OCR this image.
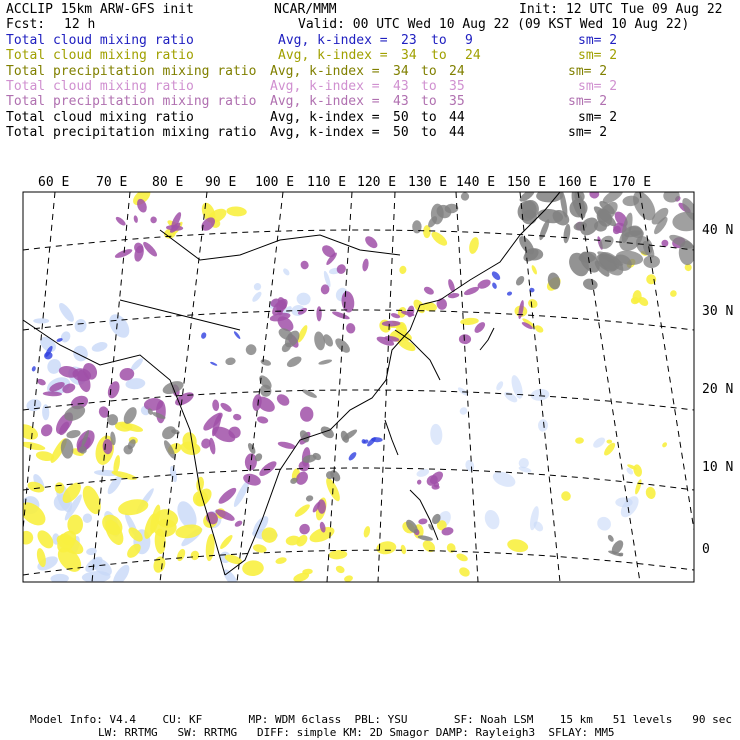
ACCLIP 15km ARW-GFS init	NCAR/MMM	Init: 12 UTC Tue 09 Aug 22
Fcst: 12 h	Valid: 00 UTC Wed 10 Aug 22 (09 KST Wed 10 Aug 22)
Total cloud mixing ratio	Avg, k-index = 23 to 9	sm= 2
Total cloud mixing ratio	Avg, k-index = 34 to 24	sm= 2
Total precipitation mixing ratio Avg, k-index = 34 to 24	sm= 2
Total cloud mixing ratio	Avg, k-index = 43 to 35	sm= 2
Total precipitation mixing ratio Avg, k-index = 43 to 35	sm= 2
Total cloud mixing ratio	Avg, k-index = 50 to 44	sm= 2
Total precipitation mixing ratio Avg, k-index = 50 to 44	sm= 2
60 E 70 E 80 E 90 E 100 E 110 E 120 E 130 E 140 E 150 E 160 E 170 E
40 N
30 N
20 N
10 N
0
Model Info: V4.4    CU: KF       MP: WDM 6class  PBL: YSU       SF: Noah LSM    15 km   51 levels   90 sec
LW: RRTMG   SW: RRTMG   DIFF: simple KM: 2D Smagor DAMP: Rayleigh3  SFLAY: MM5
